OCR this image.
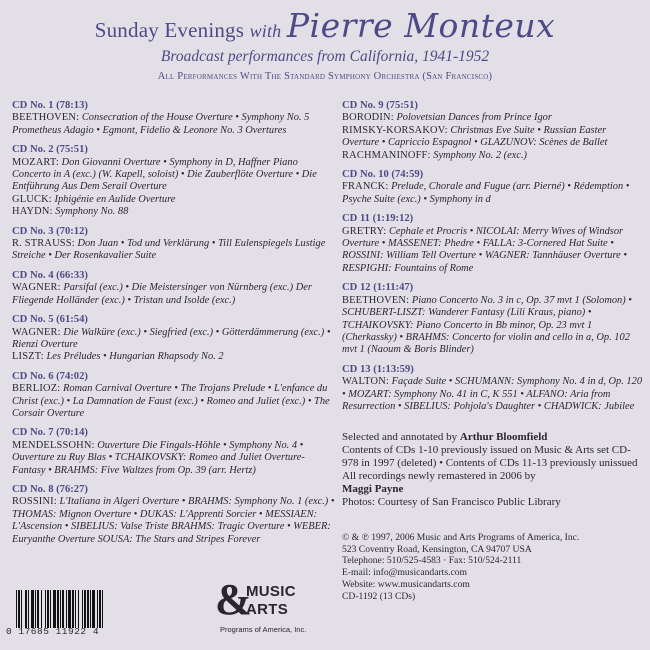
Sunday Evenings with Pierre Monteux
Broadcast performances from California, 1941-1952
All Performances With The Standard Symphony Orchestra (San Francisco)
CD No. 1 (78:13)
BEETHOVEN: Consecration of the House Overture • Symphony No. 5 Prometheus Adagio • Egmont, Fidelio & Leonore No. 3 Overtures
CD No. 2 (75:51)
MOZART: Don Giovanni Overture • Symphony in D, Haffner Piano Concerto in A (exc.) (W. Kapell, soloist) • Die Zauberflöte Overture • Die Entführung Aus Dem Serail Overture
GLUCK: Iphigénie en Aulide Overture
HAYDN: Symphony No. 88
CD No. 3 (70:12)
R. STRAUSS: Don Juan • Tod und Verklärung • Till Eulenspiegels Lustige Streiche • Der Rosenkavalier Suite
CD No. 4 (66:33)
WAGNER: Parsifal (exc.) • Die Meistersinger von Nürnberg (exc.) Der Fliegende Holländer (exc.) • Tristan und Isolde (exc.)
CD No. 5 (61:54)
WAGNER: Die Walküre (exc.) • Siegfried (exc.) • Götterdämmerung (exc.) • Rienzi Overture
LISZT: Les Préludes • Hungarian Rhapsody No. 2
CD No. 6 (74:02)
BERLIOZ: Roman Carnival Overture • The Trojans Prelude • L'enfance du Christ (exc.) • La Damnation de Faust (exc.) • Romeo and Juliet (exc.) • The Corsair Overture
CD No. 7 (70:14)
MENDELSSOHN: Ouverture Die Fingals-Höhle • Symphony No. 4 • Ouverture zu Ruy Blas • TCHAIKOVSKY: Romeo and Juliet Overture-Fantasy • BRAHMS: Five Waltzes from Op. 39 (arr. Hertz)
CD No. 8 (76:27)
ROSSINI: L'Italiana in Algeri Overture • BRAHMS: Symphony No. 1 (exc.) • THOMAS: Mignon Overture • DUKAS: L'Apprenti Sorcier • MESSIAEN: L'Ascension • SIBELIUS: Valse Triste BRAHMS: Tragic Overture • WEBER: Euryanthe Overture SOUSA: The Stars and Stripes Forever
CD No. 9 (75:51)
BORODIN: Polovetsian Dances from Prince Igor
RIMSKY-KORSAKOV: Christmas Eve Suite • Russian Easter Overture • Capriccio Espagnol • GLAZUNOV: Scènes de Ballet
RACHMANINOFF: Symphony No. 2 (exc.)
CD No. 10 (74:59)
FRANCK: Prelude, Chorale and Fugue (arr. Pierné) • Rédemption • Psyche Suite (exc.) • Symphony in d
CD 11 (1:19:12)
GRETRY: Cephale et Procris • NICOLAI: Merry Wives of Windsor Overture • MASSENET: Phedre • FALLA: 3-Cornered Hat Suite • ROSSINI: William Tell Overture • WAGNER: Tannhäuser Overture • RESPIGHI: Fountains of Rome
CD 12 (1:11:47)
BEETHOVEN: Piano Concerto No. 3 in c, Op. 37 mvt 1 (Solomon) • SCHUBERT-LISZT: Wanderer Fantasy (Lili Kraus, piano) • TCHAIKOVSKY: Piano Concerto in Bb minor, Op. 23 mvt 1 (Cherkassky) • BRAHMS: Concerto for violin and cello in a, Op. 102 mvt 1 (Naoum & Boris Blinder)
CD 13 (1:13:59)
WALTON: Façade Suite • SCHUMANN: Symphony No. 4 in d, Op. 120 • MOZART: Symphony No. 41 in C, K 551 • ALFANO: Aria from Resurrection • SIBELIUS: Pohjola's Daughter • CHADWICK: Jubilee
Selected and annotated by Arthur Bloomfield
Contents of CDs 1-10 previously issued on Music & Arts set CD-978 in 1997 (deleted) • Contents of CDs 11-13 previously unissued
All recordings newly remastered in 2006 by
Maggi Payne
Photos: Courtesy of San Francisco Public Library
© & ℗ 1997, 2006 Music and Arts Programs of America, Inc.
523 Coventry Road, Kensington, CA 94707 USA
Telephone: 510/525-4583 · Fax: 510/524-2111
E-mail: info@musicandarts.com
Website: www.musicandarts.com
CD-1192 (13 CDs)
0 17685 11922 4
&
MUSIC
ARTS
Programs of America, Inc.
